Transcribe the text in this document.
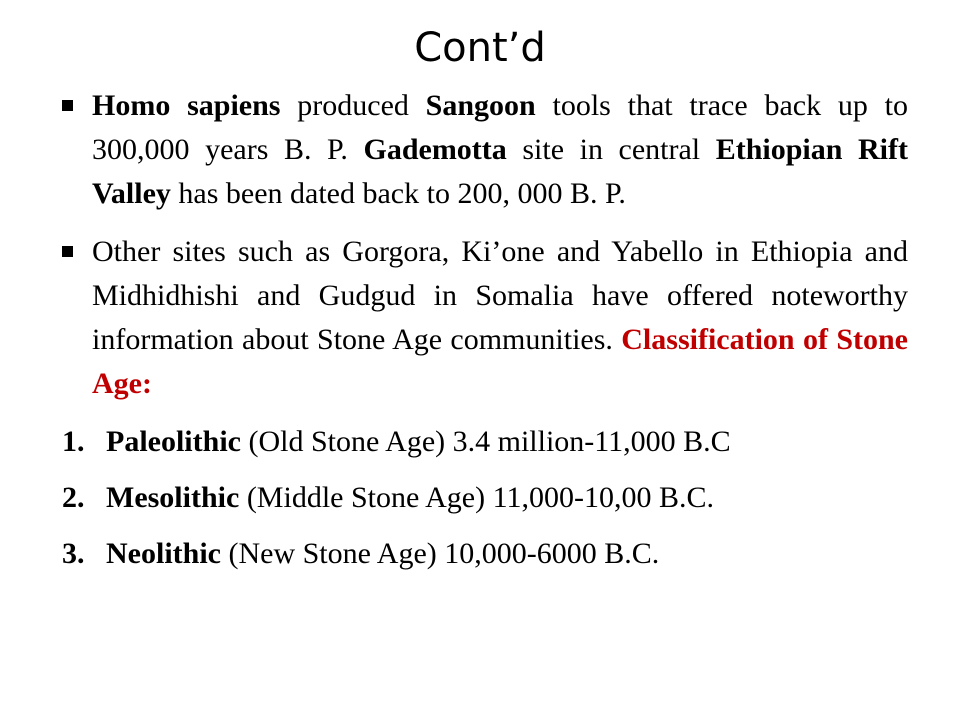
Cont’d
Homo sapiens produced Sangoon tools that trace back up to 300,000 years B. P. Gademotta site in central Ethiopian Rift Valley has been dated back to 200, 000 B. P.
Other sites such as Gorgora, Ki’one and Yabello in Ethiopia and Midhidhishi and Gudgud in Somalia have offered noteworthy information about Stone Age communities. Classification of Stone Age:
1. Paleolithic (Old Stone Age) 3.4 million-11,000 B.C
2. Mesolithic (Middle Stone Age) 11,000-10,00 B.C.
3. Neolithic (New Stone Age) 10,000-6000 B.C.
